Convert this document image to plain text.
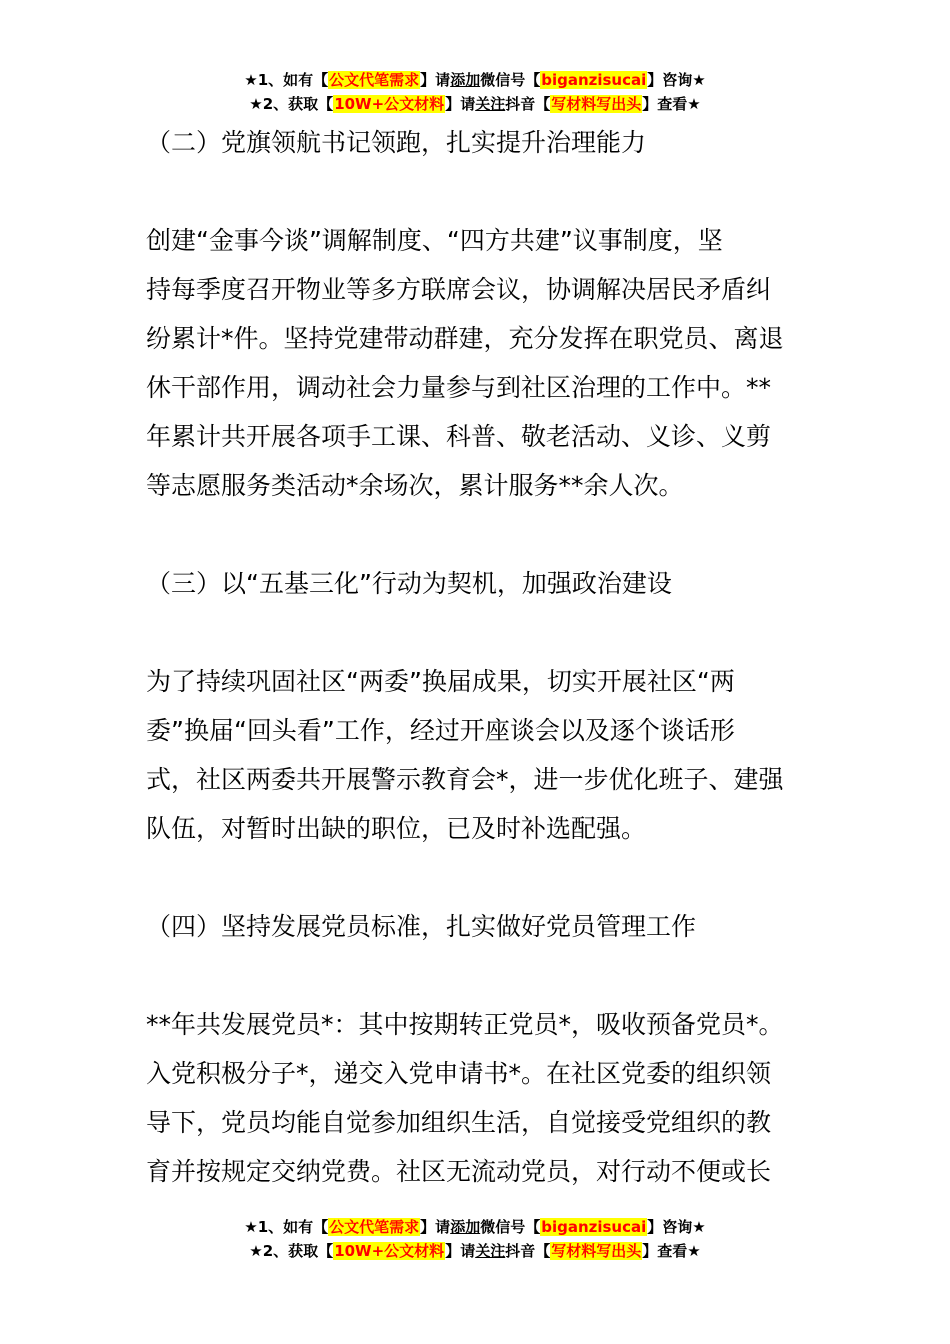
★1、如有【公文代笔需求】请添加微信号【biganzisucai】咨询★
★2、获取【10W+公文材料】请关注抖音【写材料写出头】查看★
（二）党旗领航书记领跑，扎实提升治理能力

创建“金事今谈”调解制度、“四方共建”议事制度，坚
持每季度召开物业等多方联席会议，协调解决居民矛盾纠
纷累计*件。坚持党建带动群建，充分发挥在职党员、离退
休干部作用，调动社会力量参与到社区治理的工作中。**
年累计共开展各项手工课、科普、敬老活动、义诊、义剪
等志愿服务类活动*余场次，累计服务**余人次。

（三）以“五基三化”行动为契机，加强政治建设

为了持续巩固社区“两委”换届成果，切实开展社区“两
委”换届“回头看”工作，经过开座谈会以及逐个谈话形
式，社区两委共开展警示教育会*，进一步优化班子、建强
队伍，对暂时出缺的职位，已及时补选配强。

（四）坚持发展党员标准，扎实做好党员管理工作

**年共发展党员*：其中按期转正党员*，吸收预备党员*。
入党积极分子*，递交入党申请书*。在社区党委的组织领
导下，党员均能自觉参加组织生活，自觉接受党组织的教
育并按规定交纳党费。社区无流动党员，对行动不便或长

★1、如有【公文代笔需求】请添加微信号【biganzisucai】咨询★
★2、获取【10W+公文材料】请关注抖音【写材料写出头】查看★
